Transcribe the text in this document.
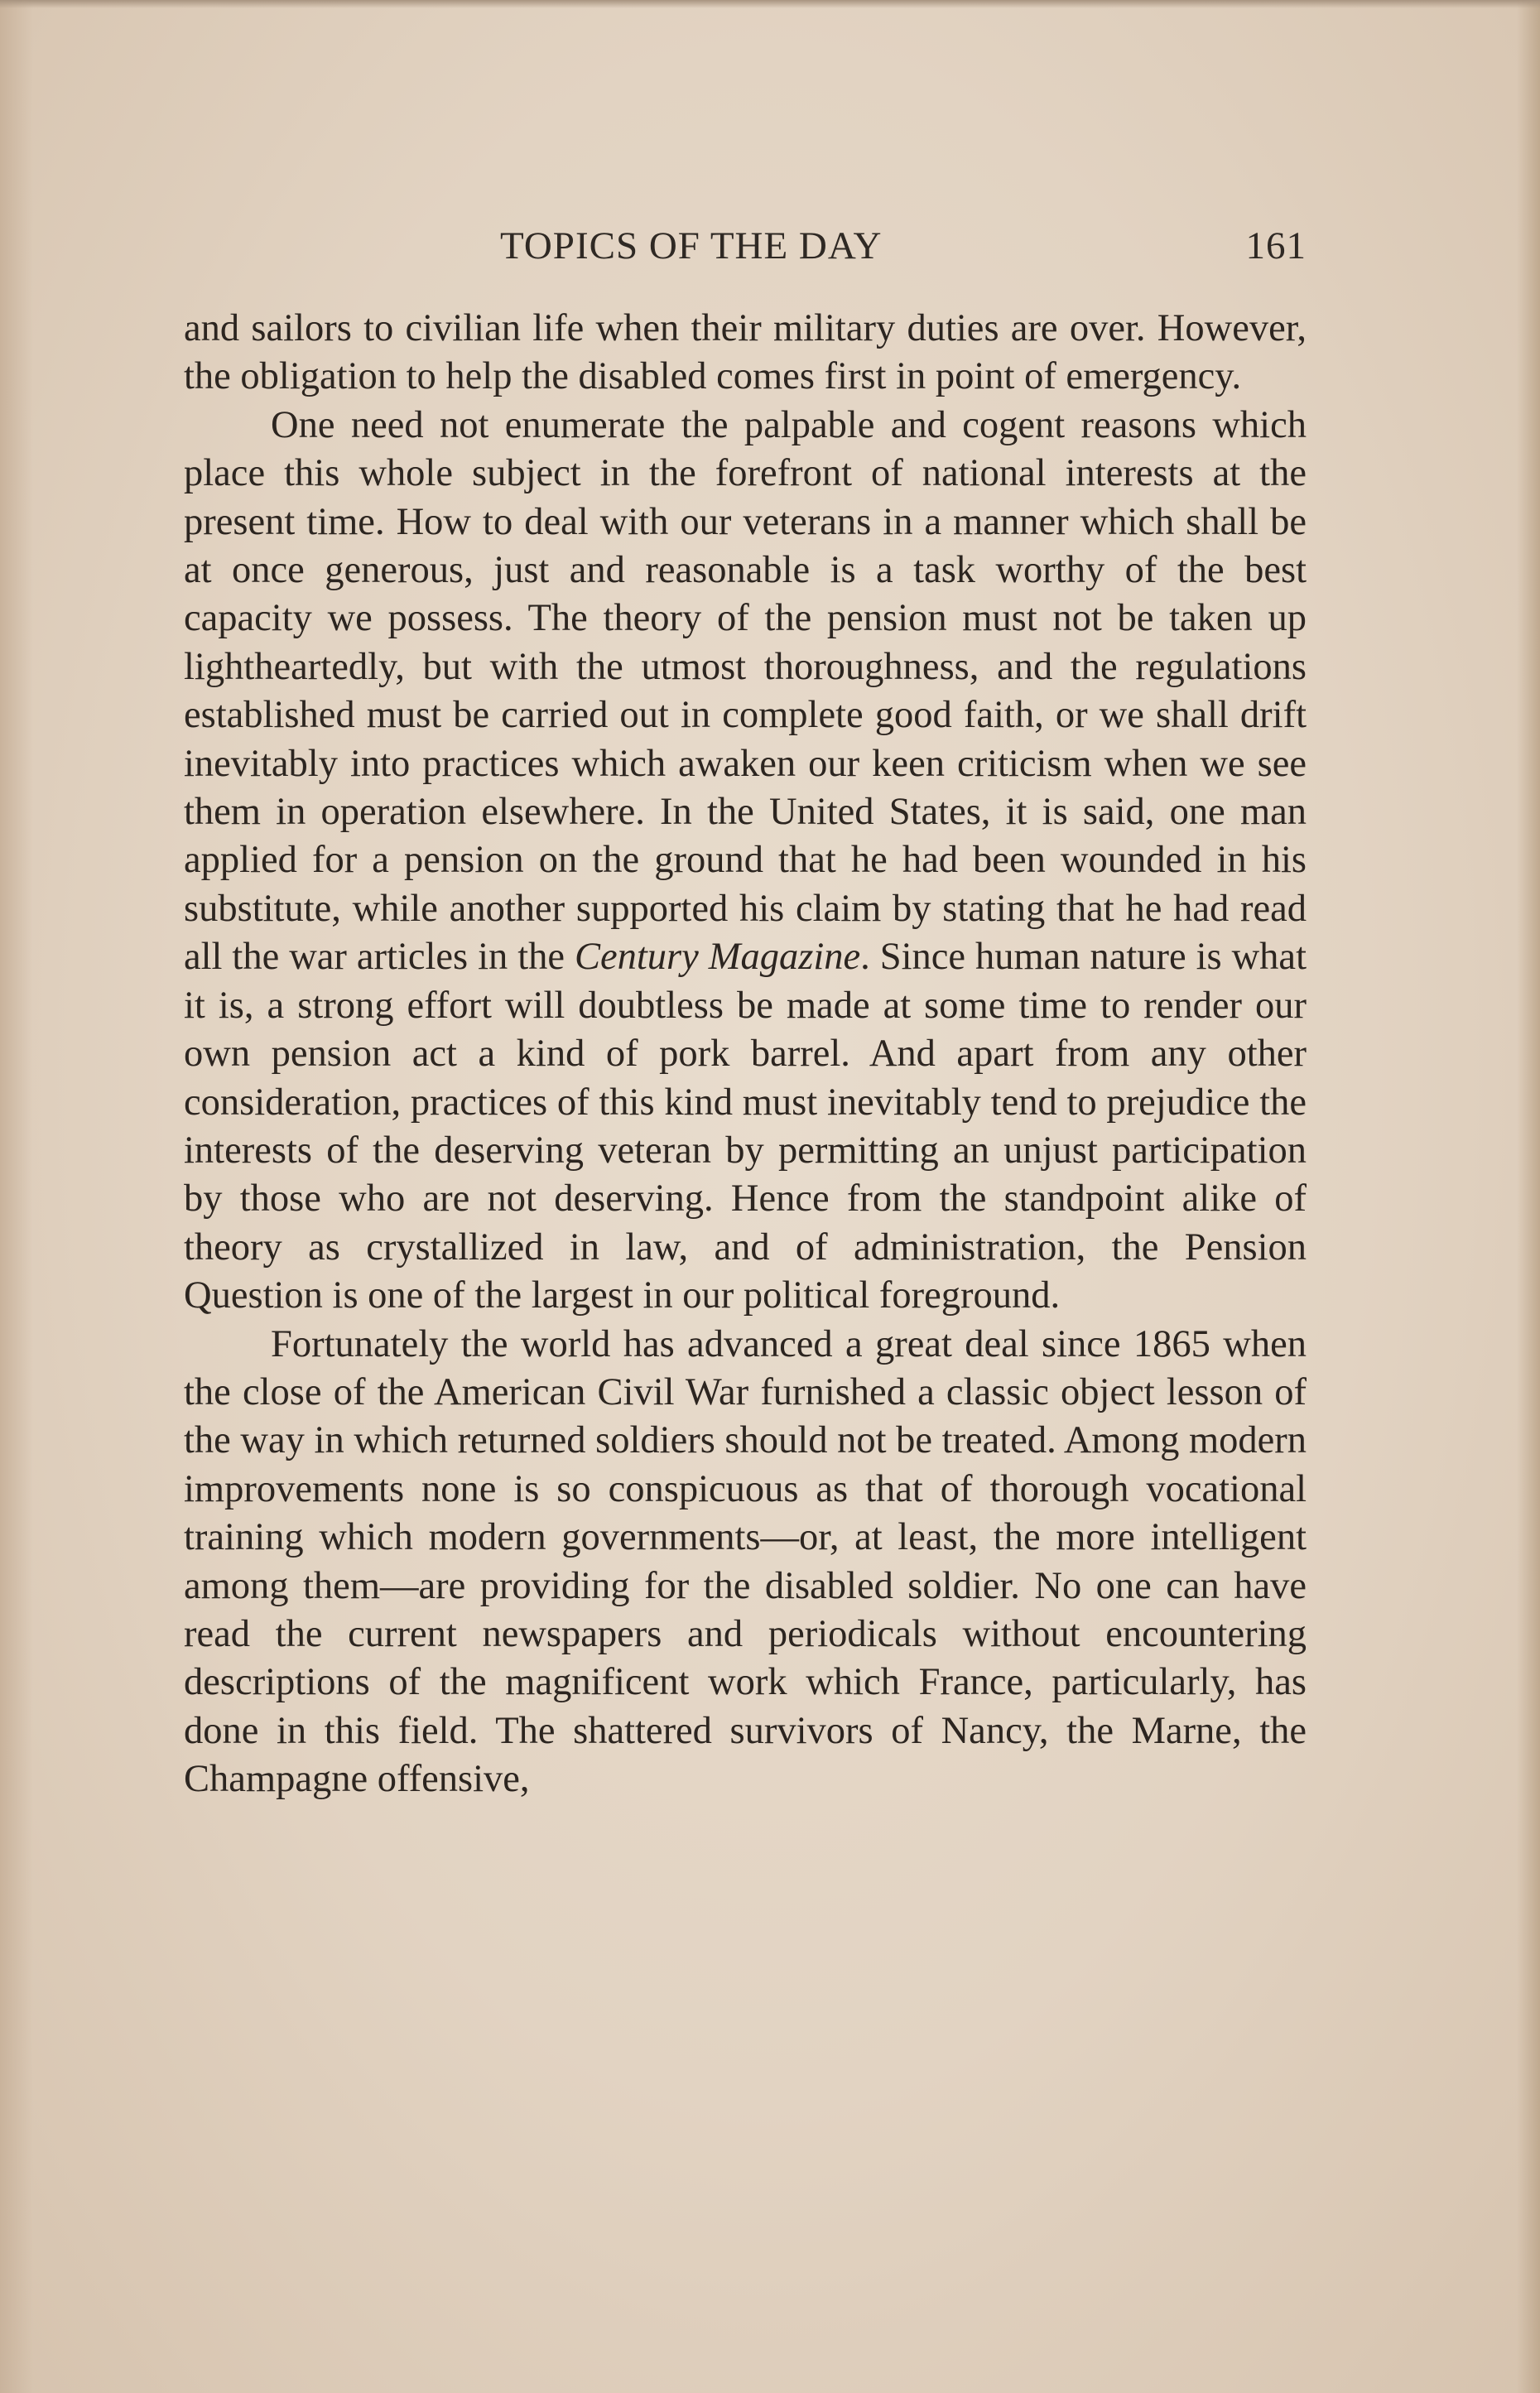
TOPICS OF THE DAY	161

and sailors to civilian life when their military duties are over. However, the obligation to help the disabled comes first in point of emergency.

One need not enumerate the palpable and cogent reasons which place this whole subject in the forefront of national interests at the present time. How to deal with our veterans in a manner which shall be at once generous, just and reasonable is a task worthy of the best capacity we possess. The theory of the pension must not be taken up lightheartedly, but with the utmost thoroughness, and the regulations established must be carried out in complete good faith, or we shall drift inevitably into practices which awaken our keen criticism when we see them in operation elsewhere. In the United States, it is said, one man applied for a pension on the ground that he had been wounded in his substitute, while another supported his claim by stating that he had read all the war articles in the Century Magazine. Since human nature is what it is, a strong effort will doubtless be made at some time to render our own pension act a kind of pork barrel. And apart from any other consideration, practices of this kind must inevitably tend to prejudice the interests of the deserving veteran by permitting an unjust participation by those who are not deserving. Hence from the standpoint alike of theory as crystallized in law, and of administration, the Pension Question is one of the largest in our political foreground.

Fortunately the world has advanced a great deal since 1865 when the close of the American Civil War furnished a classic object lesson of the way in which returned soldiers should not be treated. Among modern improvements none is so conspicuous as that of thorough vocational training which modern governments—or, at least, the more intelligent among them—are providing for the disabled soldier. No one can have read the current newspapers and periodicals without encountering descriptions of the magnificent work which France, particularly, has done in this field. The shattered survivors of Nancy, the Marne, the Champagne offensive,
